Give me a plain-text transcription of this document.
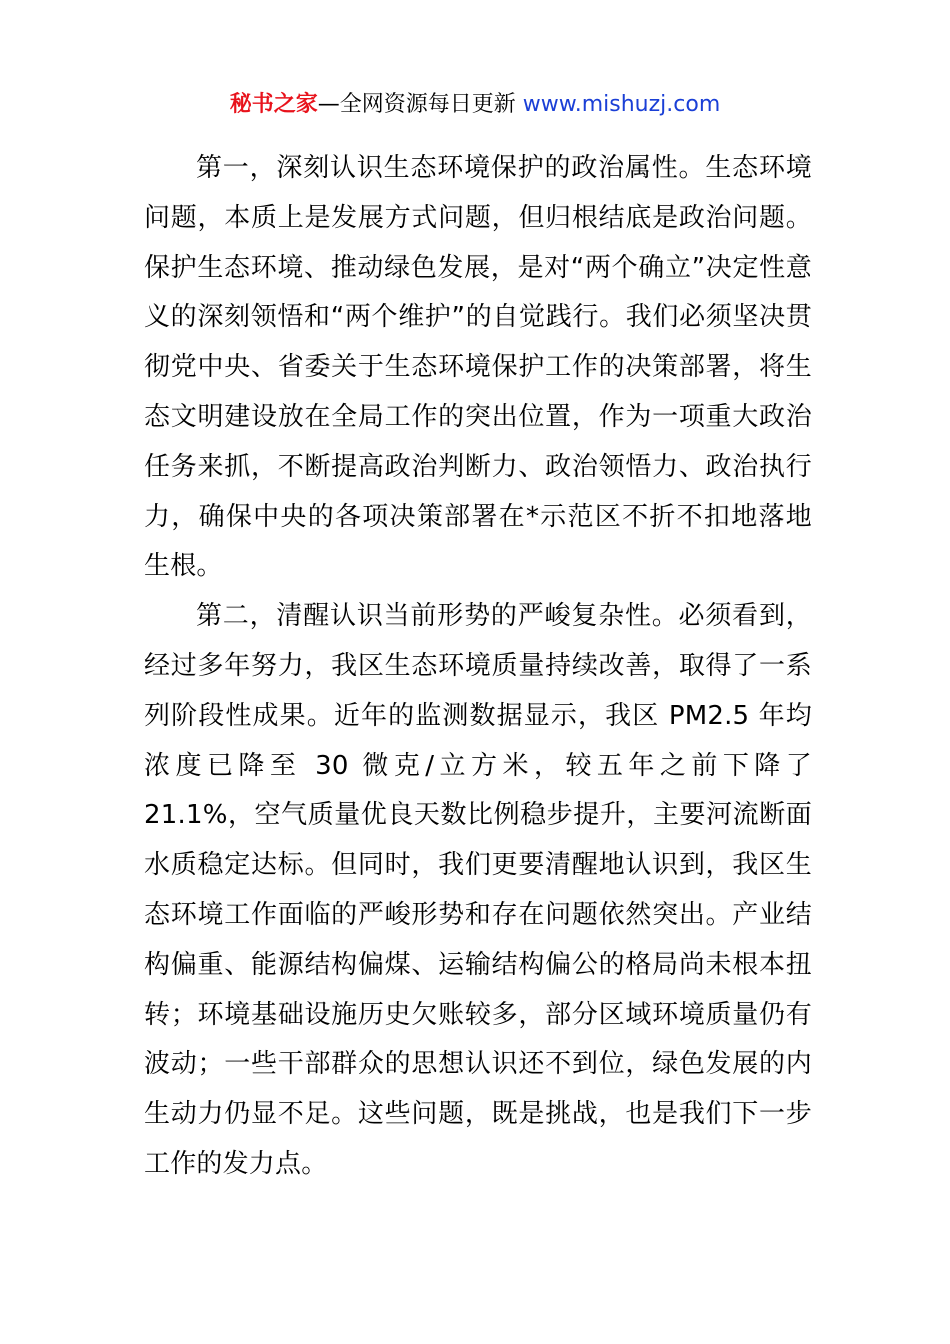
秘书之家—全网资源每日更新 www.mishuzj.com

第一，深刻认识生态环境保护的政治属性。生态环境问题，本质上是发展方式问题，但归根结底是政治问题。保护生态环境、推动绿色发展，是对“两个确立”决定性意义的深刻领悟和“两个维护”的自觉践行。我们必须坚决贯彻党中央、省委关于生态环境保护工作的决策部署，将生态文明建设放在全局工作的突出位置，作为一项重大政治任务来抓，不断提高政治判断力、政治领悟力、政治执行力，确保中央的各项决策部署在*示范区不折不扣地落地生根。

第二，清醒认识当前形势的严峻复杂性。必须看到，经过多年努力，我区生态环境质量持续改善，取得了一系列阶段性成果。近年的监测数据显示，我区 PM2.5 年均浓度已降至 30 微克/立方米，较五年之前下降了 21.1%，空气质量优良天数比例稳步提升，主要河流断面水质稳定达标。但同时，我们更要清醒地认识到，我区生态环境工作面临的严峻形势和存在问题依然突出。产业结构偏重、能源结构偏煤、运输结构偏公的格局尚未根本扭转；环境基础设施历史欠账较多，部分区域环境质量仍有波动；一些干部群众的思想认识还不到位，绿色发展的内生动力仍显不足。这些问题，既是挑战，也是我们下一步工作的发力点。
